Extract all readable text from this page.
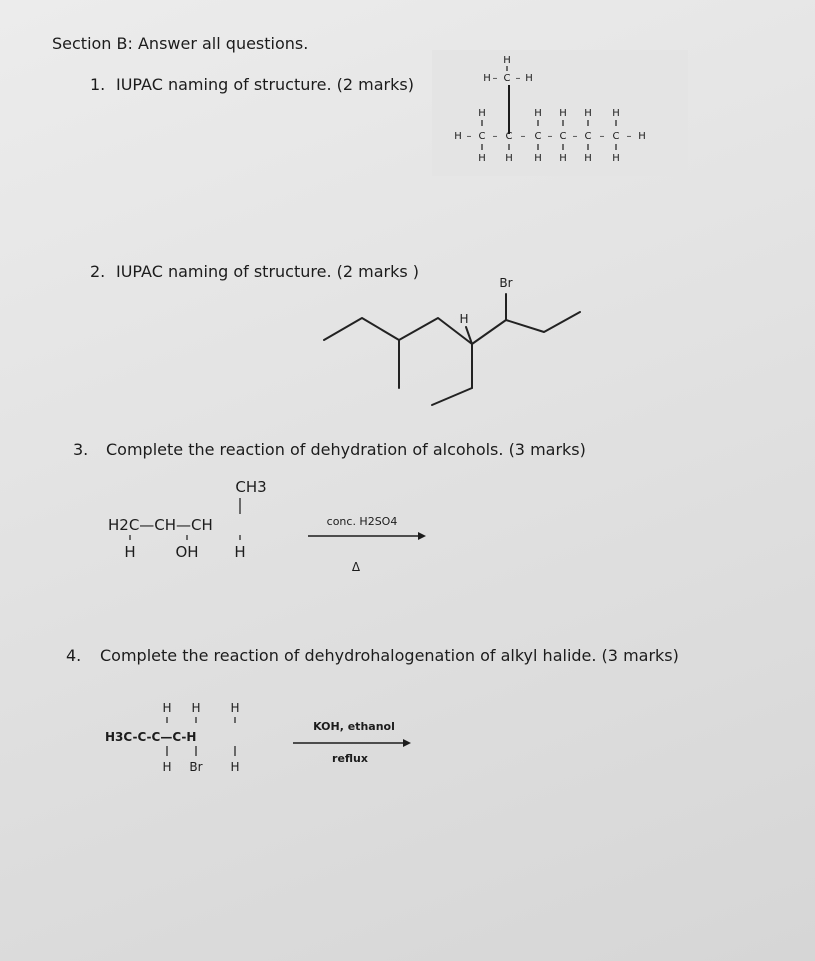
Section B: Answer all questions.
1. IUPAC naming of structure. (2 marks)
H
H – C – H
H	H H H H
H – C – C – C – C – C – C – H
H H H H H H
2. IUPAC naming of structure. (2 marks )
H
Br
3. Complete the reaction of dehydration of alcohols. (3 marks)
CH3
H2C—CH—CH
H	OH H
conc. H2SO4
Δ
4. Complete the reaction of dehydrohalogenation of alkyl halide. (3 marks)
H H H
H3C-C-C—C-H
H Br H
KOH, ethanol
reflux
